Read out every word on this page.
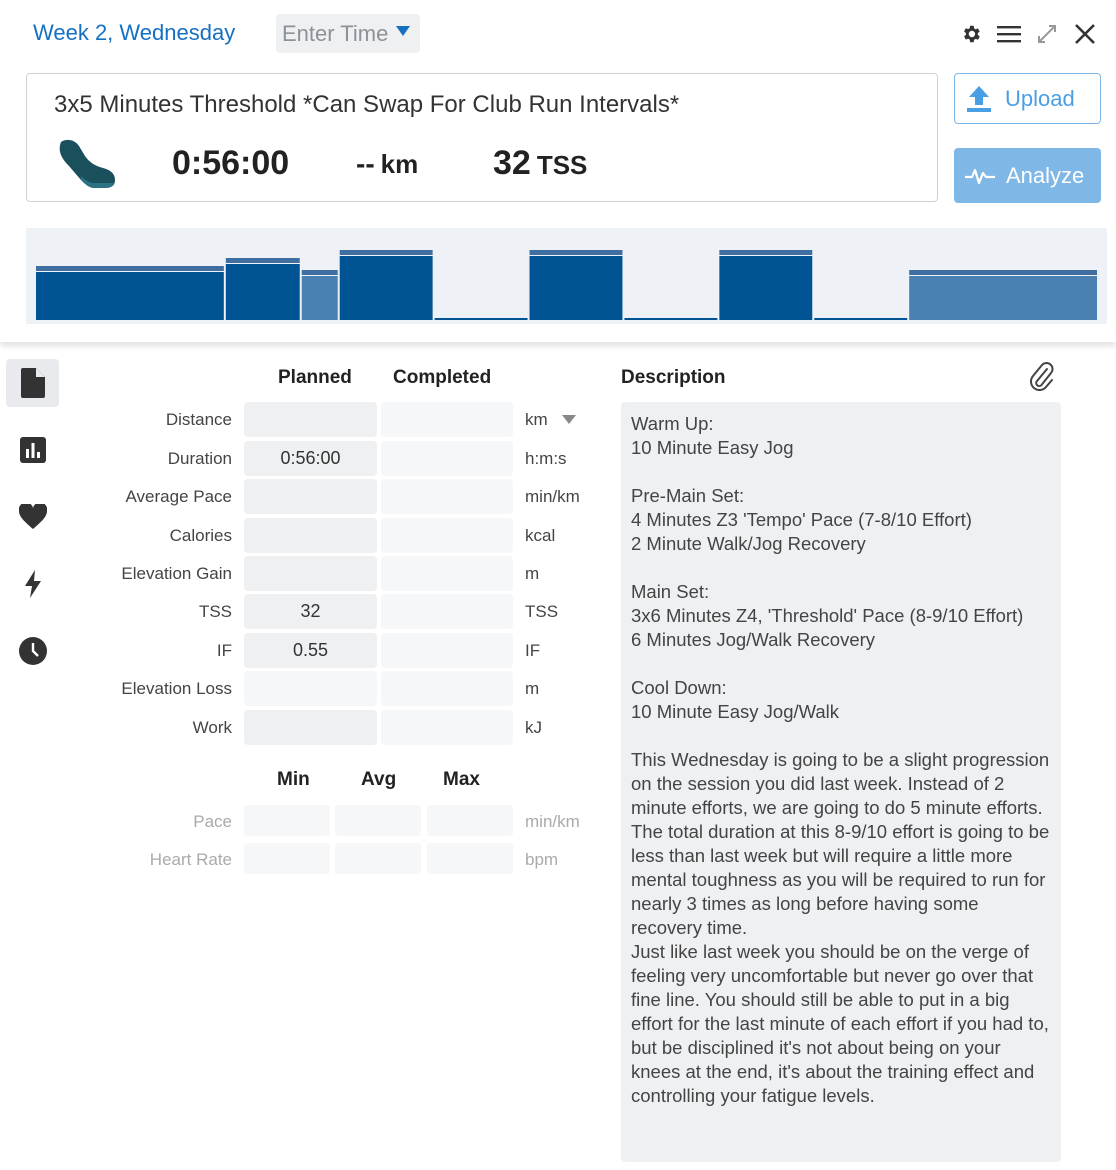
Week 2, Wednesday Enter Time
3x5 Minutes Threshold *Can Swap For Club Run Intervals*
0:56:00 -- km 32 TSS
Upload
Analyze
Planned Completed
Distance	km
Duration	0:56:00	h:m:s
Average Pace	min/km
Calories	kcal
Elevation Gain	m
TSS	32	TSS
IF	0.55	IF
Elevation Loss	m
Work	kJ
Min	Avg Max
Pace	min/km
Heart Rate	bpm
Description
Warm Up:
10 Minute Easy Jog

Pre-Main Set:
4 Minutes Z3 'Tempo' Pace (7-8/10 Effort)
2 Minute Walk/Jog Recovery

Main Set:
3x6 Minutes Z4, 'Threshold' Pace (8-9/10 Effort)
6 Minutes Jog/Walk Recovery

Cool Down:
10 Minute Easy Jog/Walk

This Wednesday is going to be a slight progression on the session you did last week. Instead of 2 minute efforts, we are going to do 5 minute efforts.
The total duration at this 8-9/10 effort is going to be less than last week but will require a little more mental toughness as you will be required to run for nearly 3 times as long before having some recovery time.
Just like last week you should be on the verge of feeling very uncomfortable but never go over that fine line. You should still be able to put in a big effort for the last minute of each effort if you had to, but be disciplined it's not about being on your knees at the end, it's about the training effect and controlling your fatigue levels.
